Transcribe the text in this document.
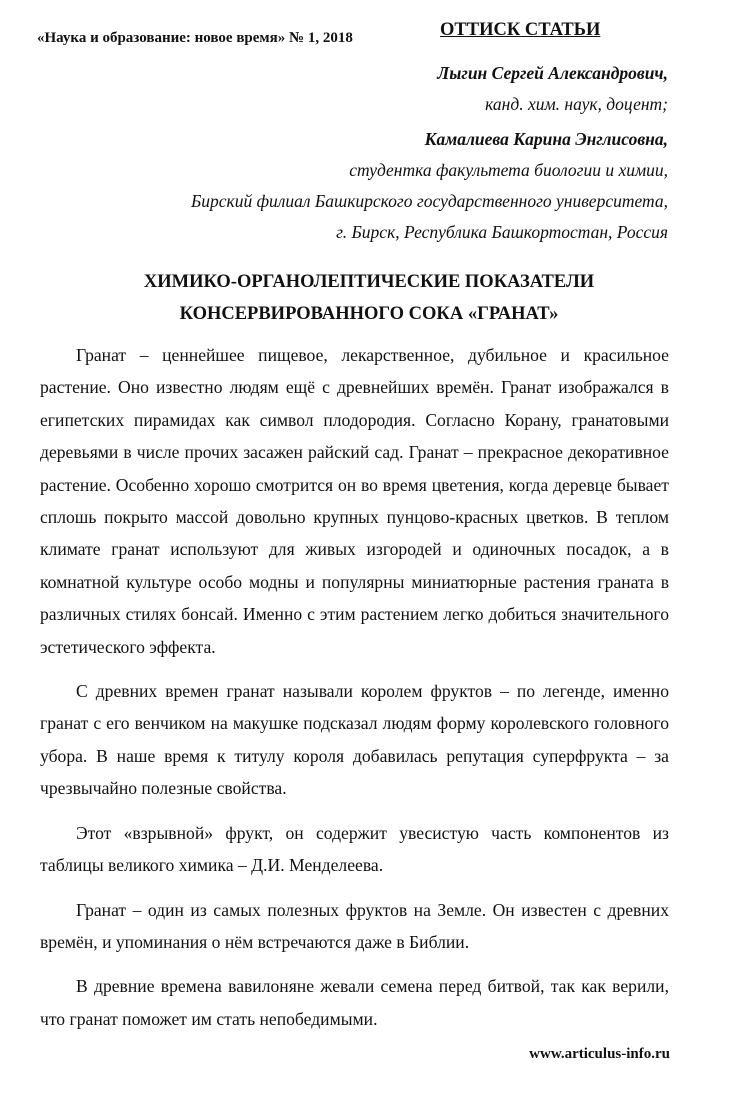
«Наука и образование: новое время» № 1, 2018	ОТТИСК СТАТЬИ
Лыгин Сергей Александрович,
канд. хим. наук, доцент;
Камалиева Карина Энглисовна,
студентка факультета биологии и химии,
Бирский филиал Башкирского государственного университета,
г. Бирск, Республика Башкортостан, Россия
ХИМИКО-ОРГАНОЛЕПТИЧЕСКИЕ ПОКАЗАТЕЛИ
КОНСЕРВИРОВАННОГО СОКА «ГРАНАТ»

Гранат – ценнейшее пищевое, лекарственное, дубильное и красильное растение. Оно известно людям ещё с древнейших времён. Гранат изображался в египетских пирамидах как символ плодородия. Согласно Корану, гранатовыми деревьями в числе прочих засажен райский сад. Гранат – прекрасное декоративное растение. Особенно хорошо смотрится он во время цветения, когда деревце бывает сплошь покрыто массой довольно крупных пунцово-красных цветков. В теплом климате гранат используют для живых изгородей и одиночных посадок, а в комнатной культуре особо модны и популярны миниатюрные растения граната в различных стилях бонсай. Именно с этим растением легко добиться значительного эстетического эффекта.

С древних времен гранат называли королем фруктов – по легенде, именно гранат с его венчиком на макушке подсказал людям форму королевского головного убора. В наше время к титулу короля добавилась репутация суперфрукта – за чрезвычайно полезные свойства.

Этот «взрывной» фрукт, он содержит увесистую часть компонентов из таблицы великого химика – Д.И. Менделеева.

Гранат – один из самых полезных фруктов на Земле. Он известен с древних времён, и упоминания о нём встречаются даже в Библии.

В древние времена вавилоняне жевали семена перед битвой, так как верили, что гранат поможет им стать непобедимыми.

www.articulus-info.ru
